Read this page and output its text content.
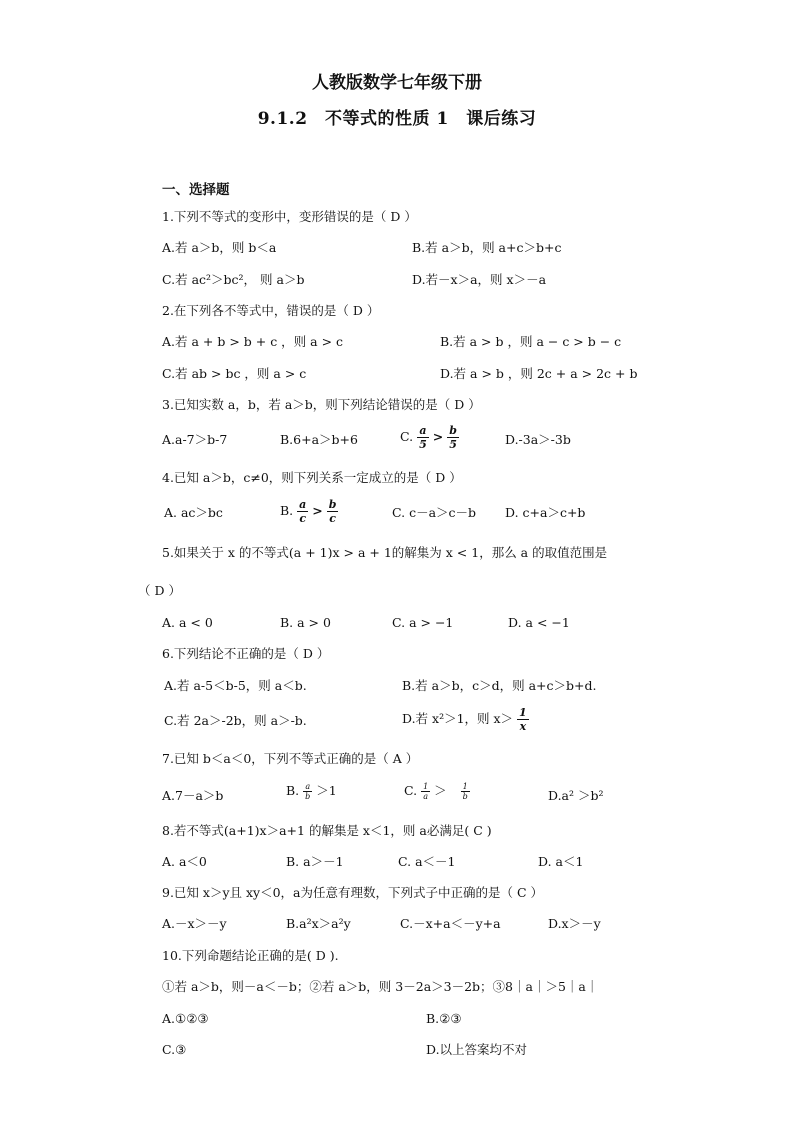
人教版数学七年级下册
9.1.2　不等式的性质 1　课后练习
一、选择题
1.下列不等式的变形中，变形错误的是（ D ）
A.若 a＞b，则 b＜a	B.若 a＞b，则 a+c＞b+c
C.若 ac²＞bc²， 则 a＞b	D.若－x＞a，则 x＞－a
2.在下列各不等式中，错误的是（ D ）
A.若 a + b > b + c ，则 a > c	B.若 a > b ，则 a − c > b − c
C.若 ab > bc ，则 a > c	D.若 a > b ，则 2c + a > 2c + b
3.已知实数 a，b，若 a＞b，则下列结论错误的是（ D ）
A.a-7＞b-7	B.6+a＞b+6	C. $\frac{a}{5} > \frac{b}{5}$	D.-3a＞-3b
4.已知 a＞b，c≠0，则下列关系一定成立的是（ D ）
A. ac＞bc	B. $\frac{a}{c} > \frac{b}{c}$	C. c－a＞c－b D. c+a＞c+b
5.如果关于 x 的不等式(a + 1)x > a + 1的解集为 x < 1，那么 a 的取值范围是
（ D ）
A. a < 0	B. a > 0	C. a > −1	D. a < −1
6.下列结论不正确的是（ D ）
A.若 a-5＜b-5，则 a＜b.	B.若 a＞b，c＞d，则 a+c＞b+d.
C.若 2a＞-2b，则 a＞-b.	D.若 x²＞1，则 $x> \frac{1}{x}$
7.已知 b＜a＜0，下列不等式正确的是（ A ）
A.7－a＞b	B. $\frac{a}{b} >1$	C. $\frac{1}{a} > \frac{1}{b}$	D.a² ＞b²
8.若不等式(a+1)x＞a+1 的解集是 x＜1，则 a必满足( C )
A. a＜0	B. a＞－1	C. a＜－1	D. a＜1
9.已知 x＞y且 xy＜0，a为任意有理数，下列式子中正确的是（ C ）
A.－x＞－y	B.a²x＞a²y	C.－x+a＜－y+a	D.x＞－y
10.下列命题结论正确的是( D ).
①若 a＞b，则－a＜－b；②若 a＞b，则 3－2a＞3－2b；③8｜a｜＞5｜a｜
A.①②③	B.②③
C.③	D.以上答案均不对
